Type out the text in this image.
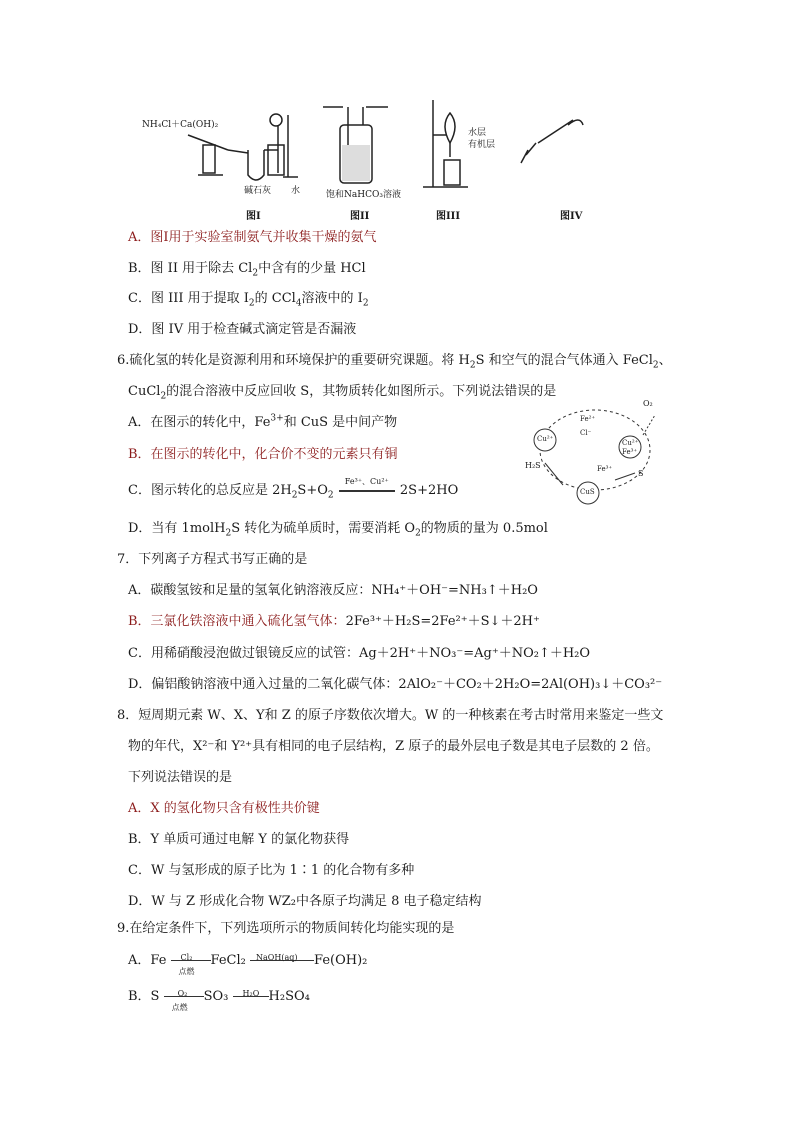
NH₄Cl＋Ca(OH)₂
碱石灰 水	饱和NaHCO₃溶液
水层
有机层
图I	图II	图III	图IV
A．图Ⅰ用于实验室制氨气并收集干燥的氨气
B．图 II 用于除去 $Cl_2$中含有的少量 HCl
C．图 III 用于提取 $I_2$的 CCl$_4$溶液中的 $I_2$
D．图 IV 用于检查碱式滴定管是否漏液
6.硫化氢的转化是资源利用和环境保护的重要研究课题。将 $H_2S$ 和空气的混合气体通入 FeCl$_2$、
CuCl$_2$的混合溶液中反应回收 S，其物质转化如图所示。下列说法错误的是
A．在图示的转化中，$Fe^{3+}$和 CuS 是中间产物
B．在图示的转化中，化合价不变的元素只有铜
C．图示转化的总反应是 $2H_2S+O_2$
Fe³⁺、Cu²⁺
2S+2HO
D．当有 1molH$_2$S 转化为硫单质时，需要消耗 $O_2$的物质的量为 0.5mol
O₂
Cu²⁺
Fe²⁺
Cl⁻
Cu²⁺
Fe³⁺
H₂S	Fe³⁺	S
CuS
7．下列离子方程式书写正确的是
A．碳酸氢铵和足量的氢氧化钠溶液反应：NH₄⁺＋OH⁻=NH₃↑＋H₂O
B．三氯化铁溶液中通入硫化氢气体：2Fe³⁺＋H₂S=2Fe²⁺＋S↓＋2H⁺
C．用稀硝酸浸泡做过银镜反应的试管：Ag＋2H⁺＋NO₃⁻=Ag⁺＋NO₂↑＋H₂O
D．偏铝酸钠溶液中通入过量的二氧化碳气体：2AlO₂⁻＋CO₂＋2H₂O=2Al(OH)₃↓＋CO₃²⁻
8．短周期元素 W、X、Y和 Z 的原子序数依次增大。W 的一种核素在考古时常用来鉴定一些文
物的年代，X²⁻和 Y²⁺具有相同的电子层结构，Z 原子的最外层电子数是其电子层数的 2 倍。
下列说法错误的是
A．X 的氢化物只含有极性共价键
B．Y 单质可通过电解 Y 的氯化物获得
C．W 与氢形成的原子比为 1∶1 的化合物有多种
D．W 与 Z 形成化合物 WZ₂中各原子均满足 8 电子稳定结构
9.在给定条件下，下列选项所示的物质间转化均能实现的是
A．Fe Cl₂
点燃
FeCl₂ NaOH(aq) Fe(OH)₂
B．S O₂
点燃
SO₃ H₂O H₂SO₄
